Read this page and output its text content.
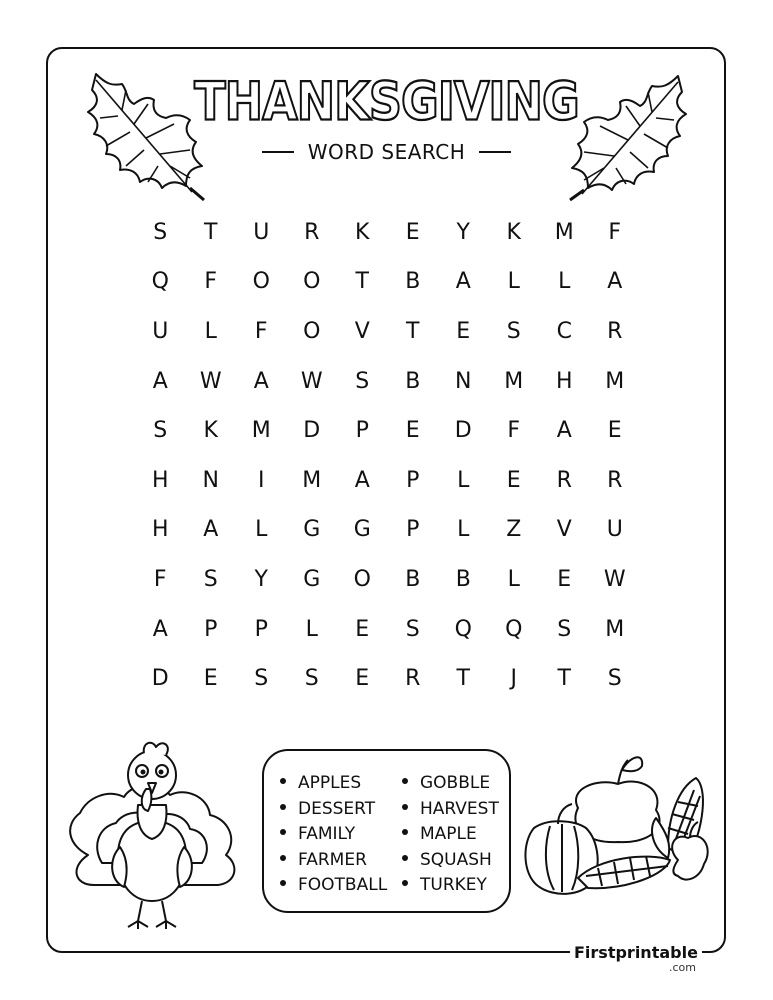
THANKSGIVING
WORD SEARCH
S	T	U	R	K	E	Y	K	M	F
Q	F	O	O	T	B	A	L	L	A
U	L	F	O	V	T	E	S	C	R
A	W	A	W	S	B	N	M	H	M
S	K	M	D	P	E	D	F	A	E
H	N	I	M	A	P	L	E	R	R
H	A	L	G	G	P	L	Z	V	U
F	S	Y	G	O	B	B	L	E	W
A	P	P	L	E	S	Q	Q	S	M
D	E	S	S	E	R	T	J	T	S
APPLES
DESSERT
FAMILY
FARMER
FOOTBALL
GOBBLE
HARVEST
MAPLE
SQUASH
TURKEY
Firstprintable
.com
